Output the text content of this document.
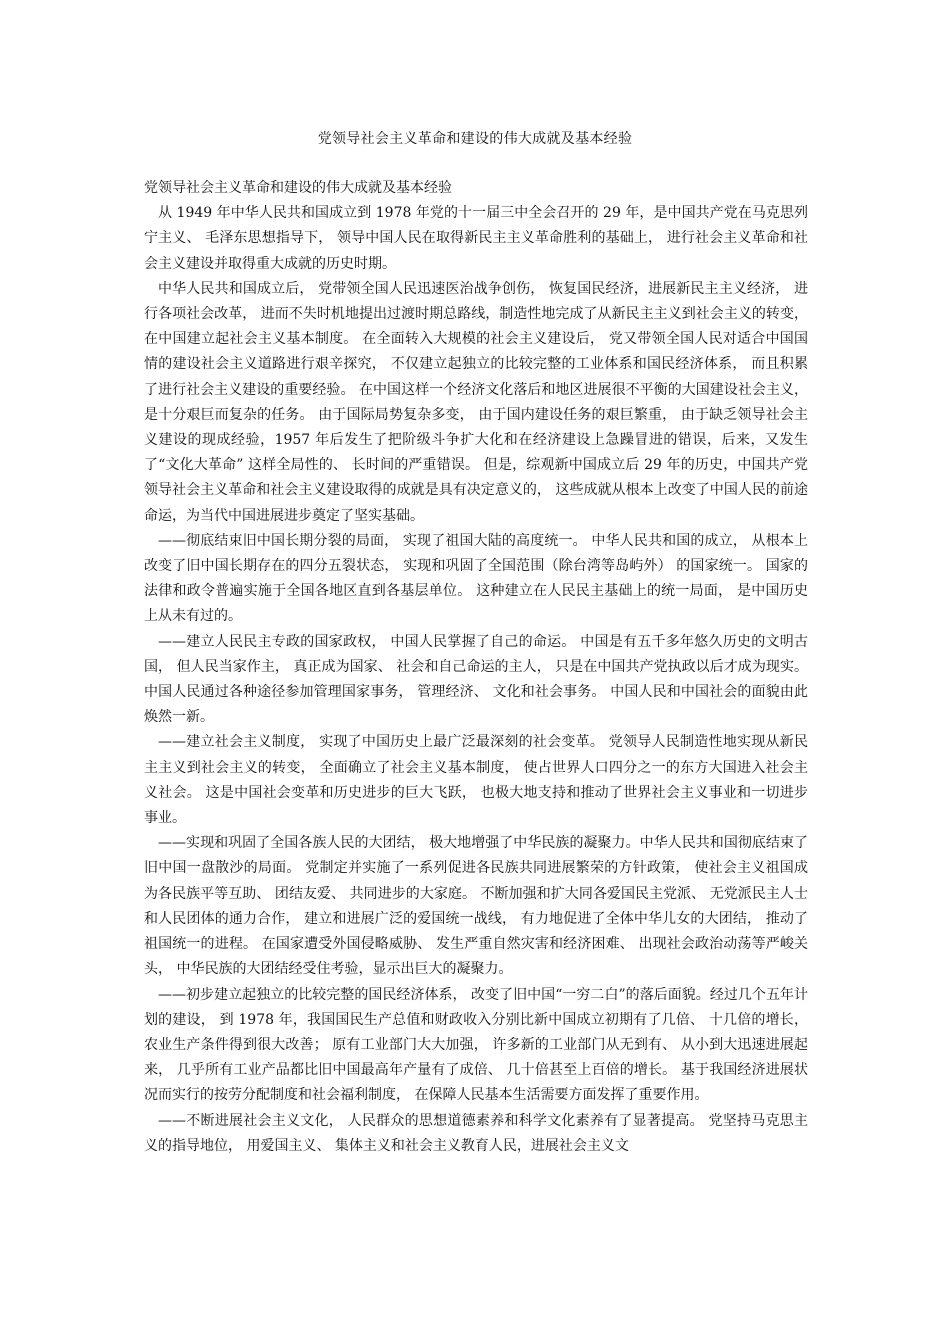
党领导社会主义革命和建设的伟大成就及基本经验

党领导社会主义革命和建设的伟大成就及基本经验

从 1949 年中华人民共和国成立到 1978 年党的十一届三中全会召开的 29 年，是中国共产党在马克思列宁主义、 毛泽东思想指导下， 领导中国人民在取得新民主主义革命胜利的基础上， 进行社会主义革命和社会主义建设并取得重大成就的历史时期。

中华人民共和国成立后， 党带领全国人民迅速医治战争创伤， 恢复国民经济，进展新民主主义经济， 进行各项社会改革， 进而不失时机地提出过渡时期总路线，制造性地完成了从新民主主义到社会主义的转变， 在中国建立起社会主义基本制度。 在全面转入大规模的社会主义建设后， 党又带领全国人民对适合中国国情的建设社会主义道路进行艰辛探究， 不仅建立起独立的比较完整的工业体系和国民经济体系， 而且积累了进行社会主义建设的重要经验。 在中国这样一个经济文化落后和地区进展很不平衡的大国建设社会主义， 是十分艰巨而复杂的任务。 由于国际局势复杂多变， 由于国内建设任务的艰巨繁重， 由于缺乏领导社会主义建设的现成经验，1957 年后发生了把阶级斗争扩大化和在经济建设上急躁冒进的错误，后来，又发生了“文化大革命” 这样全局性的、 长时间的严重错误。 但是，综观新中国成立后 29 年的历史，中国共产党领导社会主义革命和社会主义建设取得的成就是具有决定意义的， 这些成就从根本上改变了中国人民的前途命运，为当代中国进展进步奠定了坚实基础。

——彻底结束旧中国长期分裂的局面， 实现了祖国大陆的高度统一。 中华人民共和国的成立， 从根本上改变了旧中国长期存在的四分五裂状态， 实现和巩固了全国范围（除台湾等岛屿外） 的国家统一。 国家的法律和政令普遍实施于全国各地区直到各基层单位。 这种建立在人民民主基础上的统一局面， 是中国历史上从未有过的。

——建立人民民主专政的国家政权， 中国人民掌握了自己的命运。 中国是有五千多年悠久历史的文明古国， 但人民当家作主， 真正成为国家、 社会和自己命运的主人， 只是在中国共产党执政以后才成为现实。 中国人民通过各种途径参加管理国家事务， 管理经济、 文化和社会事务。 中国人民和中国社会的面貌由此焕然一新。

——建立社会主义制度， 实现了中国历史上最广泛最深刻的社会变革。 党领导人民制造性地实现从新民主主义到社会主义的转变， 全面确立了社会主义基本制度， 使占世界人口四分之一的东方大国进入社会主义社会。 这是中国社会变革和历史进步的巨大飞跃， 也极大地支持和推动了世界社会主义事业和一切进步事业。

——实现和巩固了全国各族人民的大团结， 极大地增强了中华民族的凝聚力。中华人民共和国彻底结束了旧中国一盘散沙的局面。 党制定并实施了一系列促进各民族共同进展繁荣的方针政策， 使社会主义祖国成为各民族平等互助、 团结友爱、 共同进步的大家庭。 不断加强和扩大同各爱国民主党派、 无党派民主人士和人民团体的通力合作， 建立和进展广泛的爱国统一战线， 有力地促进了全体中华儿女的大团结， 推动了祖国统一的进程。 在国家遭受外国侵略威胁、 发生严重自然灾害和经济困难、 出现社会政治动荡等严峻关头， 中华民族的大团结经受住考验，显示出巨大的凝聚力。

——初步建立起独立的比较完整的国民经济体系， 改变了旧中国“一穷二白”的落后面貌。经过几个五年计划的建设， 到 1978 年，我国国民生产总值和财政收入分别比新中国成立初期有了几倍、 十几倍的增长， 农业生产条件得到很大改善； 原有工业部门大大加强， 许多新的工业部门从无到有、 从小到大迅速进展起来， 几乎所有工业产品都比旧中国最高年产量有了成倍、 几十倍甚至上百倍的增长。 基于我国经济进展状况而实行的按劳分配制度和社会福利制度， 在保障人民基本生活需要方面发挥了重要作用。

——不断进展社会主义文化， 人民群众的思想道德素养和科学文化素养有了显著提高。 党坚持马克思主义的指导地位， 用爱国主义、 集体主义和社会主义教育人民，进展社会主义文
